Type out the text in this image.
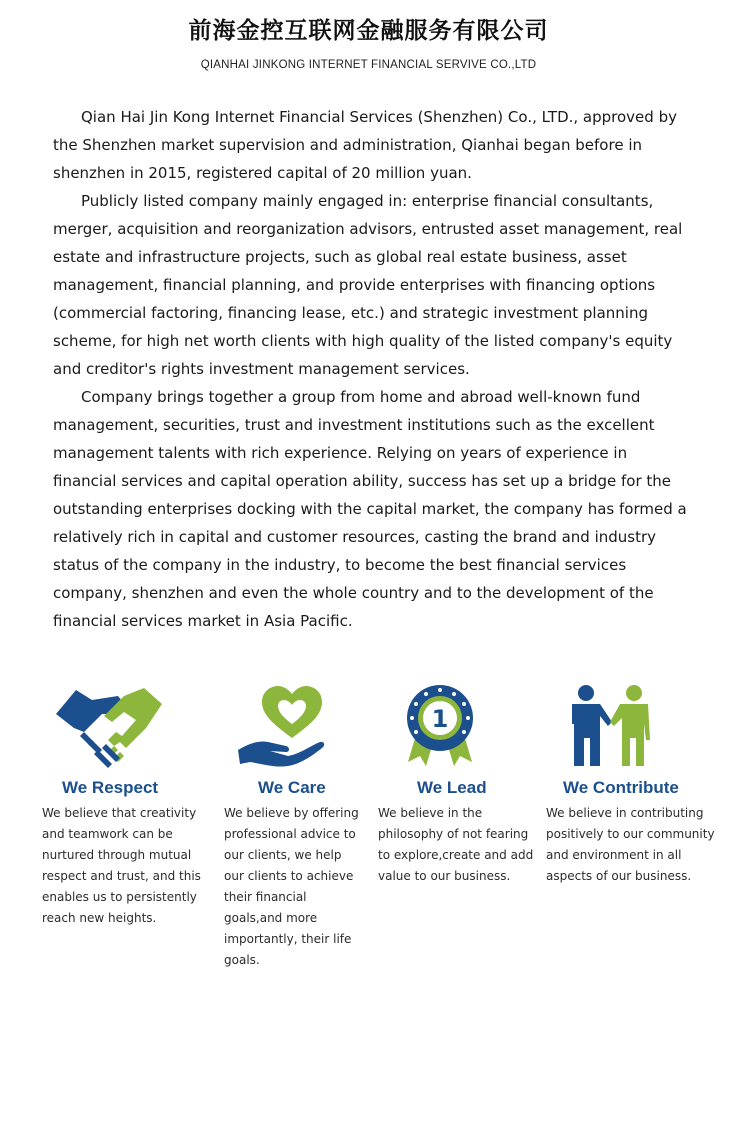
前海金控互联网金融服务有限公司
QIANHAI JINKONG INTERNET FINANCIAL SERVIVE CO.,LTD

Qian Hai Jin Kong Internet Financial Services (Shenzhen) Co., LTD., approved by the Shenzhen market supervision and administration, Qianhai began before in shenzhen in 2015, registered capital of 20 million yuan.

Publicly listed company mainly engaged in: enterprise financial consultants, merger, acquisition and reorganization advisors, entrusted asset management, real estate and infrastructure projects, such as global real estate business, asset management, financial planning, and provide enterprises with financing options (commercial factoring, financing lease, etc.) and strategic investment planning scheme, for high net worth clients with high quality of the listed company's equity and creditor's rights investment management services.

Company brings together a group from home and abroad well-known fund management, securities, trust and investment institutions such as the excellent management talents with rich experience. Relying on years of experience in financial services and capital operation ability, success has set up a bridge for the outstanding enterprises docking with the capital market, the company has formed a relatively rich in capital and customer resources, casting the brand and industry status of the company in the industry, to become the best financial services company, shenzhen and even the whole country and to the development of the financial services market in Asia Pacific.

We Respect
We believe that creativity and teamwork can be nurtured through mutual respect and trust, and this enables us to persistently reach new heights.
We Care
We believe by offering professional advice to our clients, we help our clients to achieve their financial goals,and more importantly, their life goals.
1
We Lead
We believe in the philosophy of not fearing to explore,create and add value to our business.
We Contribute
We believe in contributing positively to our community and environment in all aspects of our business.
